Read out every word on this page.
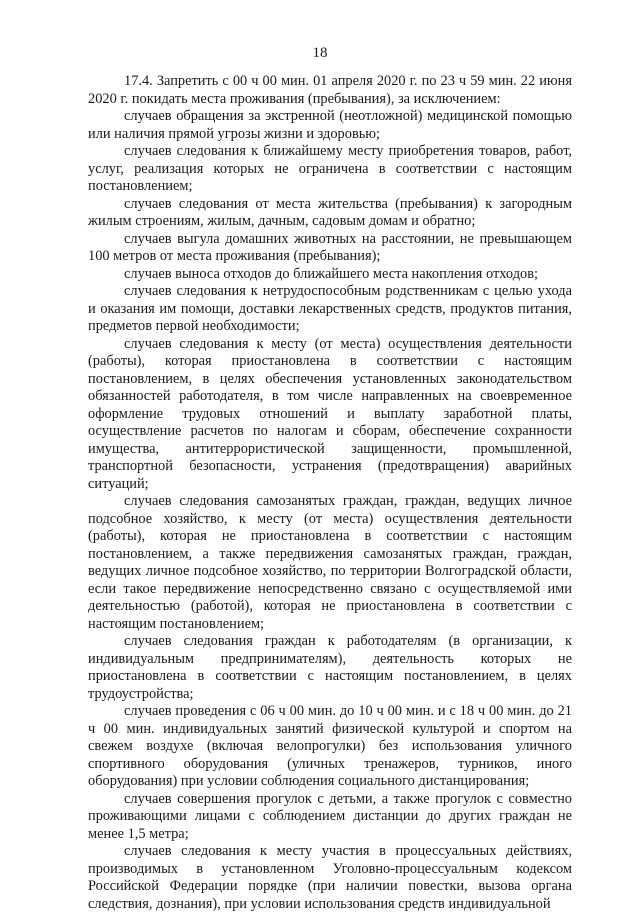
18

17.4. Запретить с 00 ч 00 мин. 01 апреля 2020 г. по 23 ч 59 мин. 22 июня 2020 г. покидать места проживания (пребывания), за исключением:

случаев обращения за экстренной (неотложной) медицинской помощью или наличия прямой угрозы жизни и здоровью;

случаев следования к ближайшему месту приобретения товаров, работ, услуг, реализация которых не ограничена в соответствии с настоящим постановлением;

случаев следования от места жительства (пребывания) к загородным жилым строениям, жилым, дачным, садовым домам и обратно;

случаев выгула домашних животных на расстоянии, не превышающем 100 метров от места проживания (пребывания);

случаев выноса отходов до ближайшего места накопления отходов;

случаев следования к нетрудоспособным родственникам с целью ухода и оказания им помощи, доставки лекарственных средств, продуктов питания, предметов первой необходимости;

случаев следования к месту (от места) осуществления деятельности (работы), которая приостановлена в соответствии с настоящим постановлением, в целях обеспечения установленных законодательством обязанностей работодателя, в том числе направленных на своевременное оформление трудовых отношений и выплату заработной платы, осуществление расчетов по налогам и сборам, обеспечение сохранности имущества, антитеррористической защищенности, промышленной, транспортной безопасности, устранения (предотвращения) аварийных ситуаций;

случаев следования самозанятых граждан, граждан, ведущих личное подсобное хозяйство, к месту (от места) осуществления деятельности (работы), которая не приостановлена в соответствии с настоящим постановлением, а также передвижения самозанятых граждан, граждан, ведущих личное подсобное хозяйство, по территории Волгоградской области, если такое передвижение непосредственно связано с осуществляемой ими деятельностью (работой), которая не приостановлена в соответствии с настоящим постановлением;

случаев следования граждан к работодателям (в организации, к индивидуальным предпринимателям), деятельность которых не приостановлена в соответствии с настоящим постановлением, в целях трудоустройства;

случаев проведения с 06 ч 00 мин. до 10 ч 00 мин. и с 18 ч 00 мин. до 21 ч 00 мин. индивидуальных занятий физической культурой и спортом на свежем воздухе (включая велопрогулки) без использования уличного спортивного оборудования (уличных тренажеров, турников, иного оборудования) при условии соблюдения социального дистанцирования;

случаев совершения прогулок с детьми, а также прогулок с совместно проживающими лицами с соблюдением дистанции до других граждан не менее 1,5 метра;

случаев следования к месту участия в процессуальных действиях, производимых в установленном Уголовно-процессуальным кодексом Российской Федерации порядке (при наличии повестки, вызова органа следствия, дознания), при условии использования средств индивидуальной
